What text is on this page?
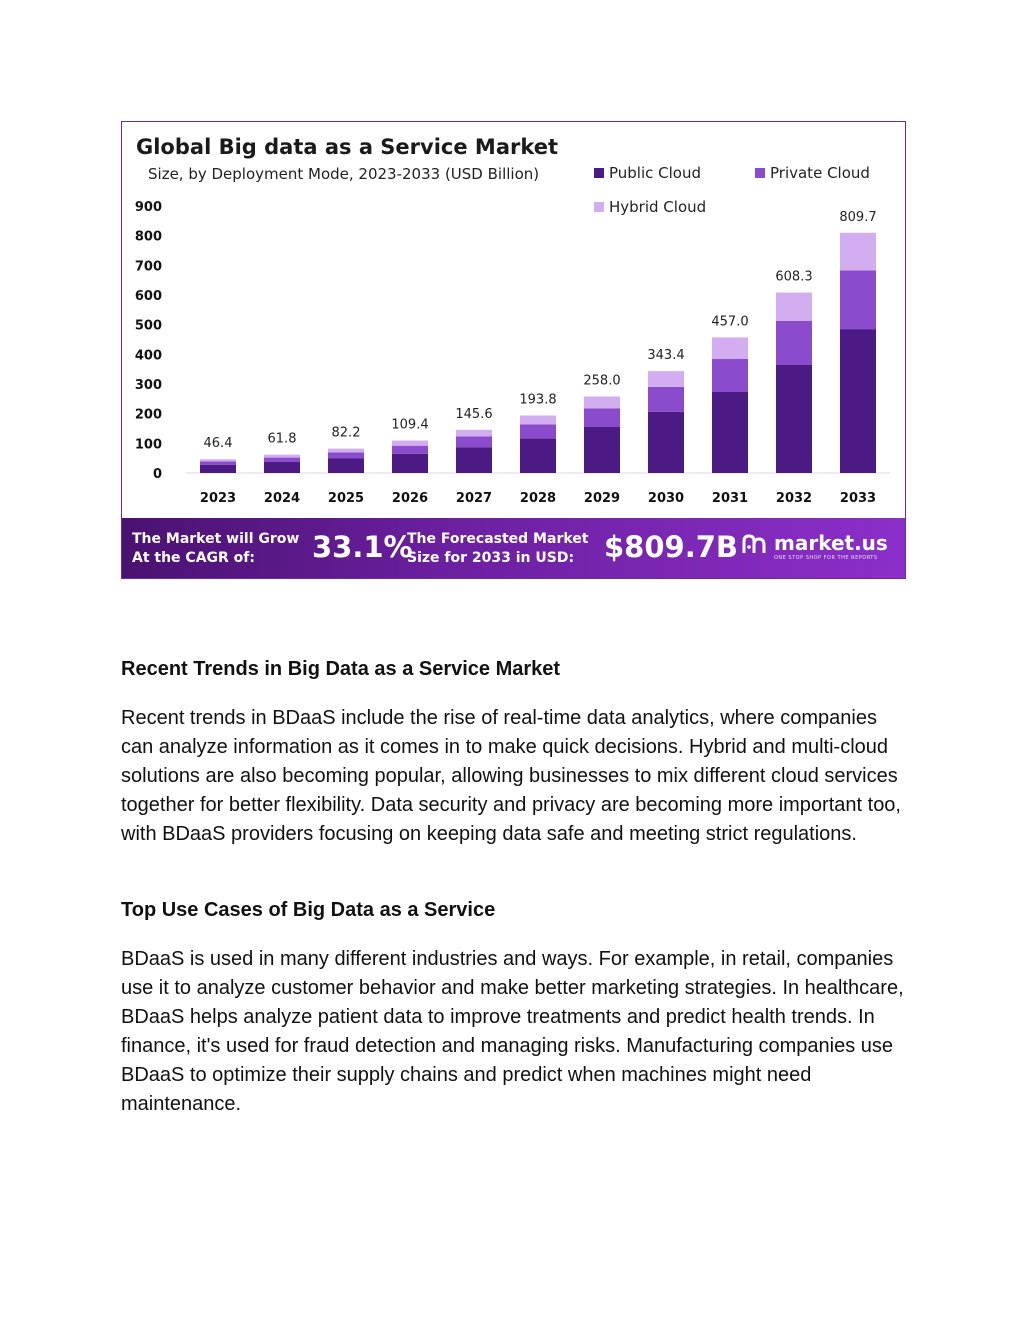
Global Big data as a Service Market
Size, by Deployment Mode, 2023-2033 (USD Billion)	Public Cloud	Private Cloud
Hybrid Cloud
0
100
200
300
400
500
600
700
800
900
46.4	61.8	82.2
109.4
145.6
193.8
258.0
343.4
457.0
608.3
809.7
2023 2024 2025 2026 2027 2028 2029 2030 2031 2032 2033
The Market will Grow At the CAGR of:	33.1%
The Forecasted Market Size for 2033 in USD:	$809.7B market.us
ONE STOP SHOP FOR THE REPORTS
Recent Trends in Big Data as a Service Market
Recent trends in BDaaS include the rise of real-time data analytics, where companies can analyze information as it comes in to make quick decisions. Hybrid and multi-cloud solutions are also becoming popular, allowing businesses to mix different cloud services together for better flexibility. Data security and privacy are becoming more important too, with BDaaS providers focusing on keeping data safe and meeting strict regulations.
Top Use Cases of Big Data as a Service
BDaaS is used in many different industries and ways. For example, in retail, companies use it to analyze customer behavior and make better marketing strategies. In healthcare, BDaaS helps analyze patient data to improve treatments and predict health trends. In finance, it's used for fraud detection and managing risks. Manufacturing companies use BDaaS to optimize their supply chains and predict when machines might need maintenance.
